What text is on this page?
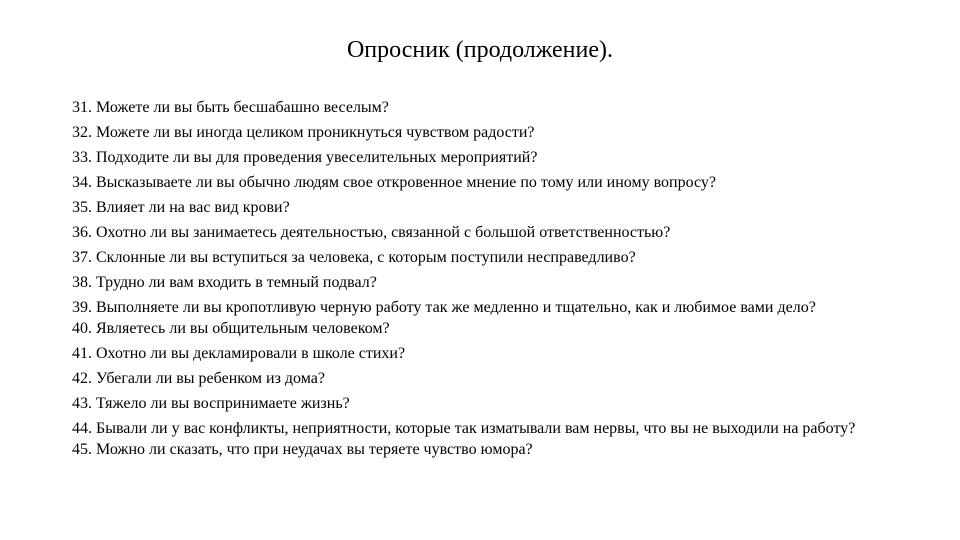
Опросник (продолжение).
31. Можете ли вы быть бесшабашно веселым?
32. Можете ли вы иногда целиком проникнуться чувством радости?
33. Подходите ли вы для проведения увеселительных мероприятий?
34. Высказываете ли вы обычно людям свое откровенное мнение по тому или иному вопросу?
35. Влияет ли на вас вид крови?
36. Охотно ли вы занимаетесь деятельностью, связанной с большой ответственностью?
37. Склонные ли вы вступиться за человека, с которым поступили несправедливо?
38. Трудно ли вам входить в темный подвал?
39. Выполняете ли вы кропотливую черную работу так же медленно и тщательно, как и любимое вами дело?
40. Являетесь ли вы общительным человеком?
41. Охотно ли вы декламировали в школе стихи?
42. Убегали ли вы ребенком из дома?
43. Тяжело ли вы воспринимаете жизнь?
44. Бывали ли у вас конфликты, неприятности, которые так изматывали вам нервы, что вы не выходили на работу?
45. Можно ли сказать, что при неудачах вы теряете чувство юмора?
